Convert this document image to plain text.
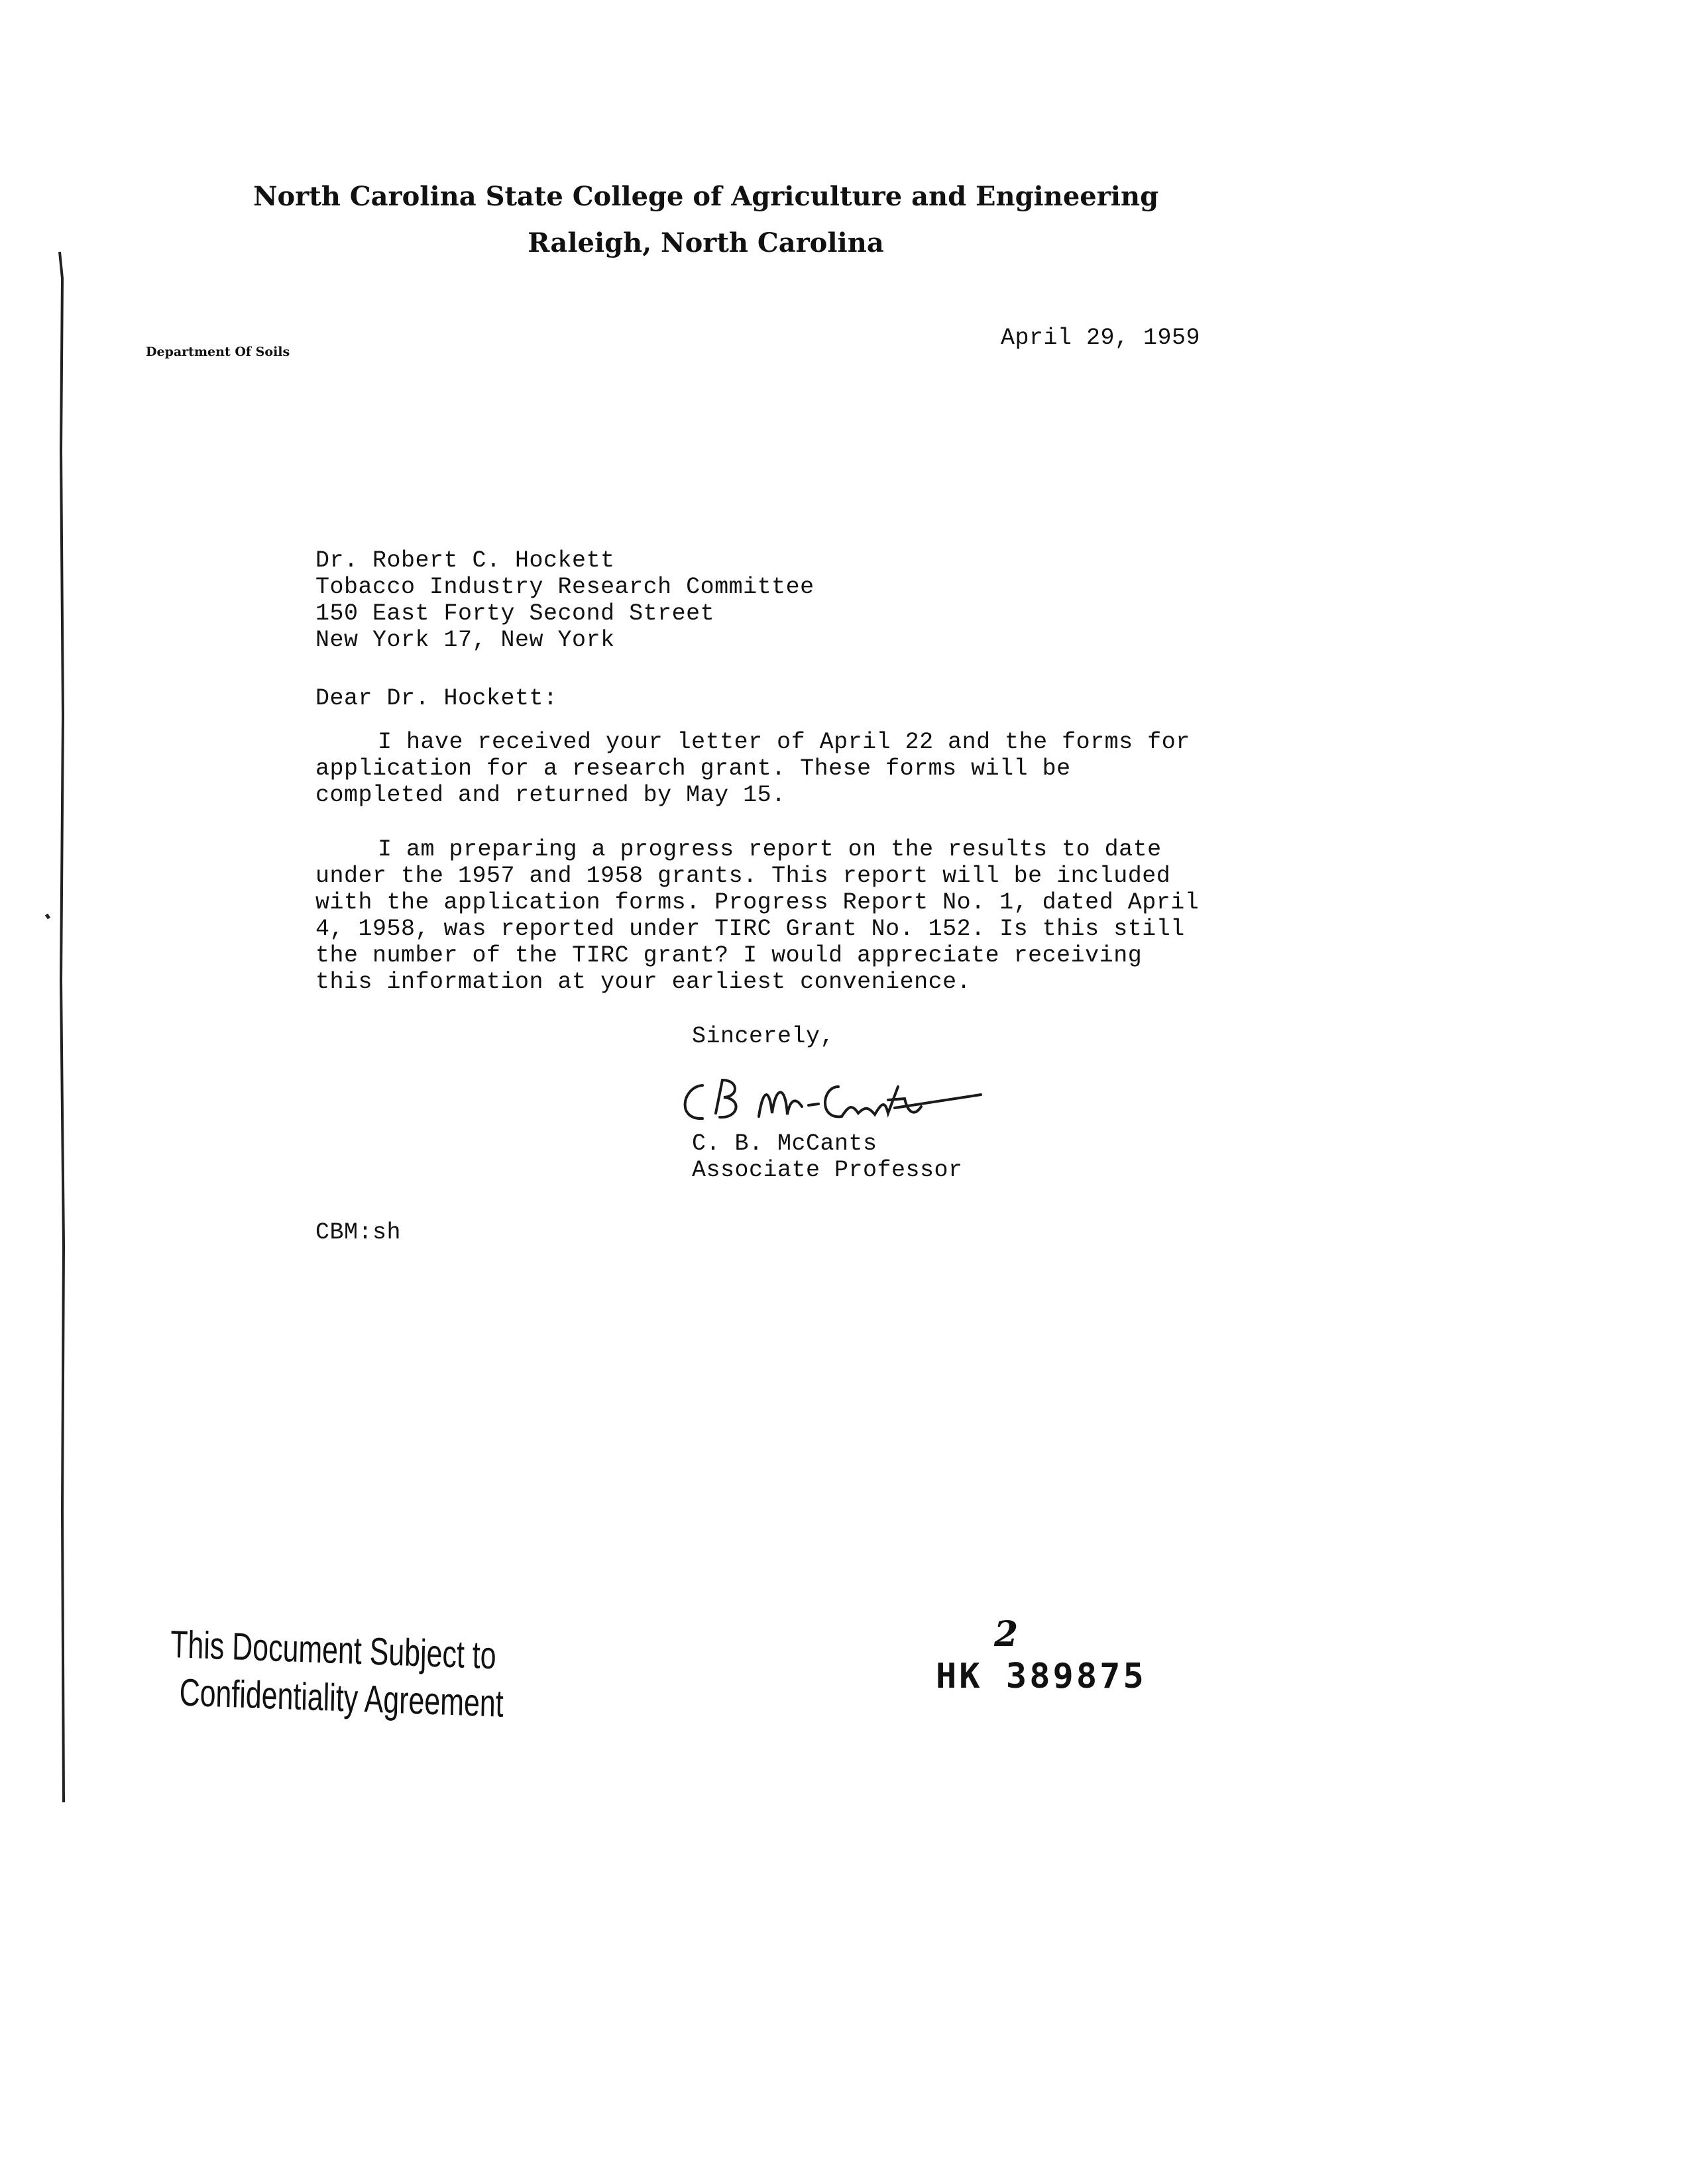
North Carolina State College of Agriculture and Engineering
Raleigh, North Carolina
Department Of Soils
April 29, 1959
Dr. Robert C. Hockett
Tobacco Industry Research Committee
150 East Forty Second Street
New York 17, New York
Dear Dr. Hockett:
I have received your letter of April 22 and the forms for application for a research grant. These forms will be completed and returned by May 15.
I am preparing a progress report on the results to date under the 1957 and 1958 grants. This report will be included with the application forms. Progress Report No. 1, dated April 4, 1958, was reported under TIRC Grant No. 152. Is this still the number of the TIRC grant? I would appreciate receiving this information at your earliest convenience.
Sincerely,
C. B. McCants
Associate Professor
CBM:sh
This Document Subject to
Confidentiality Agreement
2
HK 389875
